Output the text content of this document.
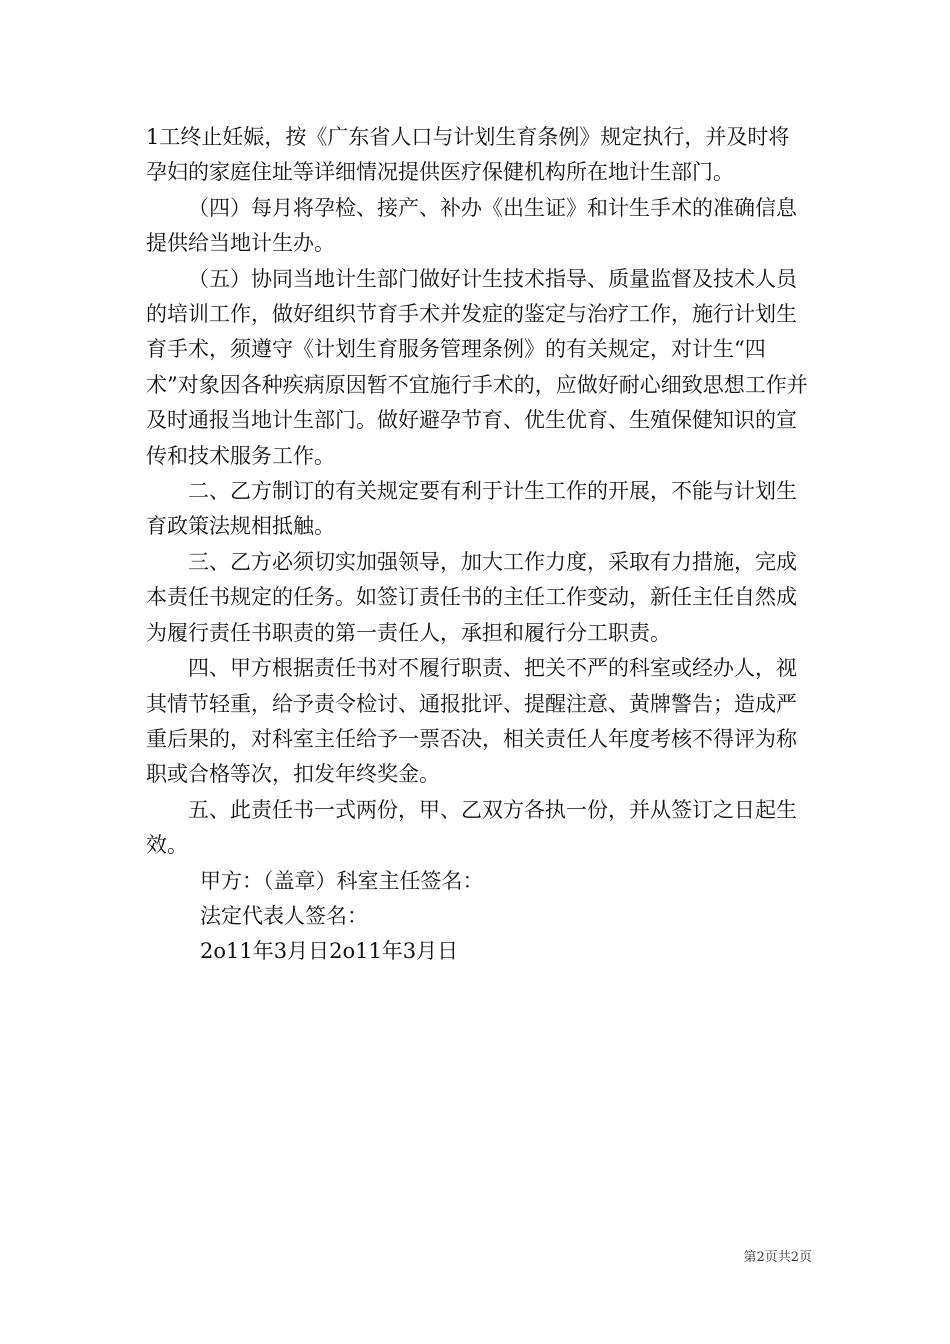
1工终止妊娠，按《广东省人口与计划生育条例》规定执行，并及时将孕妇的家庭住址等详细情况提供医疗保健机构所在地计生部门。

（四）每月将孕检、接产、补办《出生证》和计生手术的准确信息提供给当地计生办。

（五）协同当地计生部门做好计生技术指导、质量监督及技术人员的培训工作，做好组织节育手术并发症的鉴定与治疗工作，施行计划生育手术，须遵守《计划生育服务管理条例》的有关规定，对计生“四术”对象因各种疾病原因暂不宜施行手术的，应做好耐心细致思想工作并及时通报当地计生部门。做好避孕节育、优生优育、生殖保健知识的宣传和技术服务工作。

二、乙方制订的有关规定要有利于计生工作的开展，不能与计划生育政策法规相抵触。

三、乙方必须切实加强领导，加大工作力度，采取有力措施，完成本责任书规定的任务。如签订责任书的主任工作变动，新任主任自然成为履行责任书职责的第一责任人，承担和履行分工职责。

四、甲方根据责任书对不履行职责、把关不严的科室或经办人，视其情节轻重，给予责令检讨、通报批评、提醒注意、黄牌警告；造成严重后果的，对科室主任给予一票否决，相关责任人年度考核不得评为称职或合格等次，扣发年终奖金。

五、此责任书一式两份，甲、乙双方各执一份，并从签订之日起生效。

甲方：（盖章）科室主任签名：

法定代表人签名：

2o11年3月日2o11年3月日

第2页共2页
